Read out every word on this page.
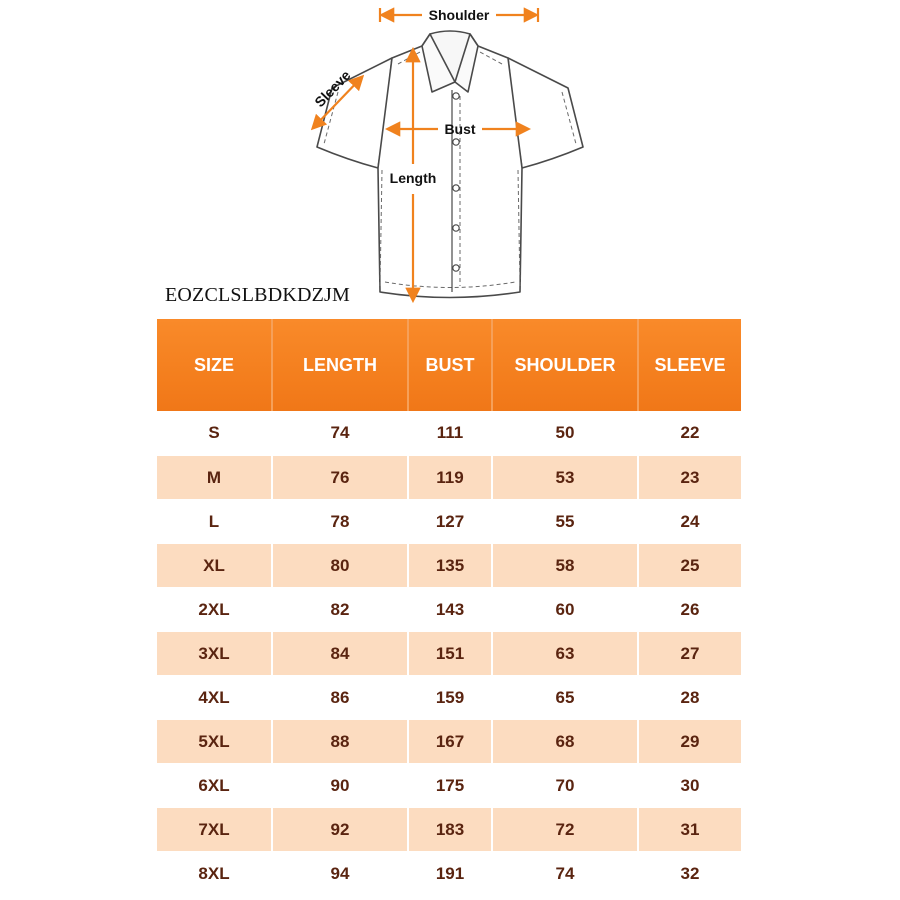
Shoulder
Sleeve
Bust
Length
EOZCLSLBDKDZJM
SIZE	LENGTH	BUST	SHOULDER	SLEEVE
S	74	111	50	22
M	76	119	53	23
L	78	127	55	24
XL	80	135	58	25
2XL	82	143	60	26
3XL	84	151	63	27
4XL	86	159	65	28
5XL	88	167	68	29
6XL	90	175	70	30
7XL	92	183	72	31
8XL	94	191	74	32
